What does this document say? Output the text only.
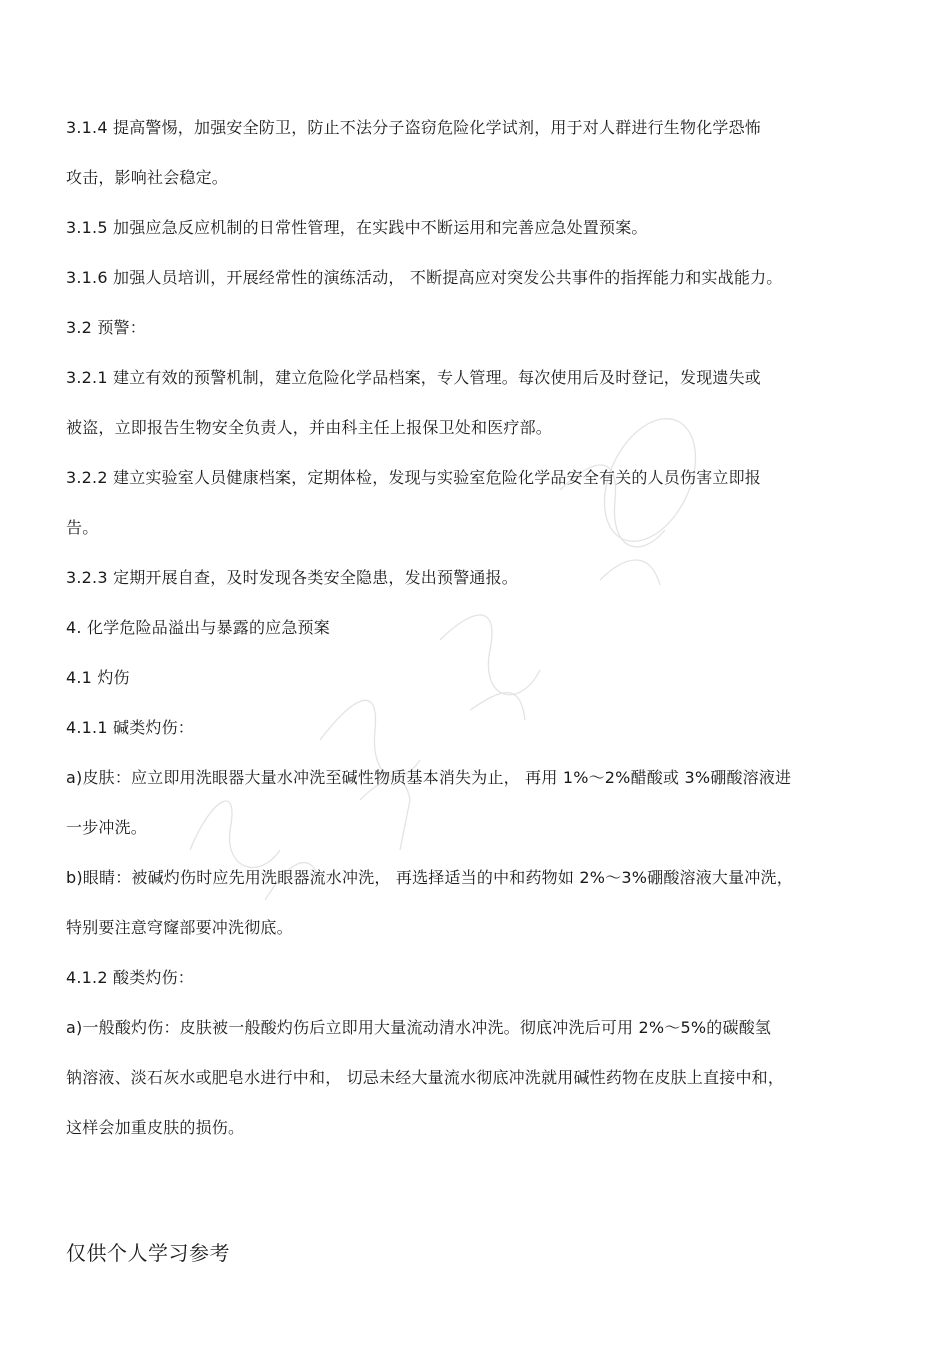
3.1.4 提高警惕，加强安全防卫，防止不法分子盗窃危险化学试剂，用于对人群进行生物化学恐怖
攻击，影响社会稳定。
3.1.5 加强应急反应机制的日常性管理，在实践中不断运用和完善应急处置预案。
3.1.6 加强人员培训，开展经常性的演练活动， 不断提高应对突发公共事件的指挥能力和实战能力。
3.2 预警：
3.2.1 建立有效的预警机制，建立危险化学品档案，专人管理。每次使用后及时登记，发现遗失或
被盗，立即报告生物安全负责人，并由科主任上报保卫处和医疗部。
3.2.2 建立实验室人员健康档案，定期体检，发现与实验室危险化学品安全有关的人员伤害立即报
告。
3.2.3 定期开展自查，及时发现各类安全隐患，发出预警通报。
4. 化学危险品溢出与暴露的应急预案
4.1 灼伤
4.1.1 碱类灼伤：
a)皮肤：应立即用洗眼器大量水冲洗至碱性物质基本消失为止， 再用 1%～2%醋酸或 3%硼酸溶液进
一步冲洗。
b)眼睛：被碱灼伤时应先用洗眼器流水冲洗， 再选择适当的中和药物如 2%～3%硼酸溶液大量冲洗，
特别要注意穹窿部要冲洗彻底。
4.1.2 酸类灼伤：
a)一般酸灼伤：皮肤被一般酸灼伤后立即用大量流动清水冲洗。彻底冲洗后可用 2%～5%的碳酸氢
钠溶液、淡石灰水或肥皂水进行中和， 切忌未经大量流水彻底冲洗就用碱性药物在皮肤上直接中和，
这样会加重皮肤的损伤。
仅供个人学习参考
